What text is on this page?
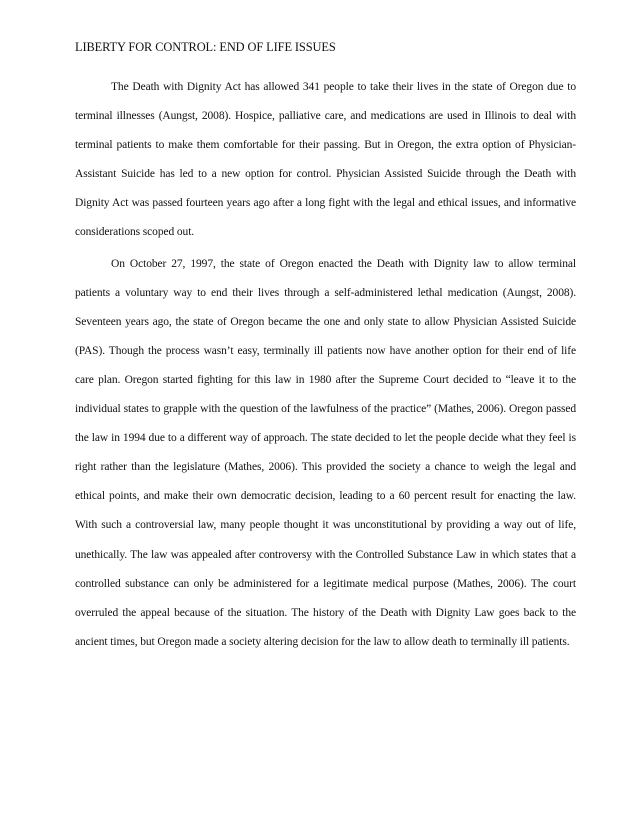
LIBERTY FOR CONTROL: END OF LIFE ISSUES

The Death with Dignity Act has allowed 341 people to take their lives in the state of Oregon due to terminal illnesses (Aungst, 2008). Hospice, palliative care, and medications are used in Illinois to deal with terminal patients to make them comfortable for their passing. But in Oregon, the extra option of Physician-Assistant Suicide has led to a new option for control. Physician Assisted Suicide through the Death with Dignity Act was passed fourteen years ago after a long fight with the legal and ethical issues, and informative considerations scoped out.

On October 27, 1997, the state of Oregon enacted the Death with Dignity law to allow terminal patients a voluntary way to end their lives through a self-administered lethal medication (Aungst, 2008). Seventeen years ago, the state of Oregon became the one and only state to allow Physician Assisted Suicide (PAS). Though the process wasn’t easy, terminally ill patients now have another option for their end of life care plan. Oregon started fighting for this law in 1980 after the Supreme Court decided to “leave it to the individual states to grapple with the question of the lawfulness of the practice” (Mathes, 2006). Oregon passed the law in 1994 due to a different way of approach. The state decided to let the people decide what they feel is right rather than the legislature (Mathes, 2006). This provided the society a chance to weigh the legal and ethical points, and make their own democratic decision, leading to a 60 percent result for enacting the law. With such a controversial law, many people thought it was unconstitutional by providing a way out of life, unethically. The law was appealed after controversy with the Controlled Substance Law in which states that a controlled substance can only be administered for a legitimate medical purpose (Mathes, 2006). The court overruled the appeal because of the situation. The history of the Death with Dignity Law goes back to the ancient times, but Oregon made a society altering decision for the law to allow death to terminally ill patients.
